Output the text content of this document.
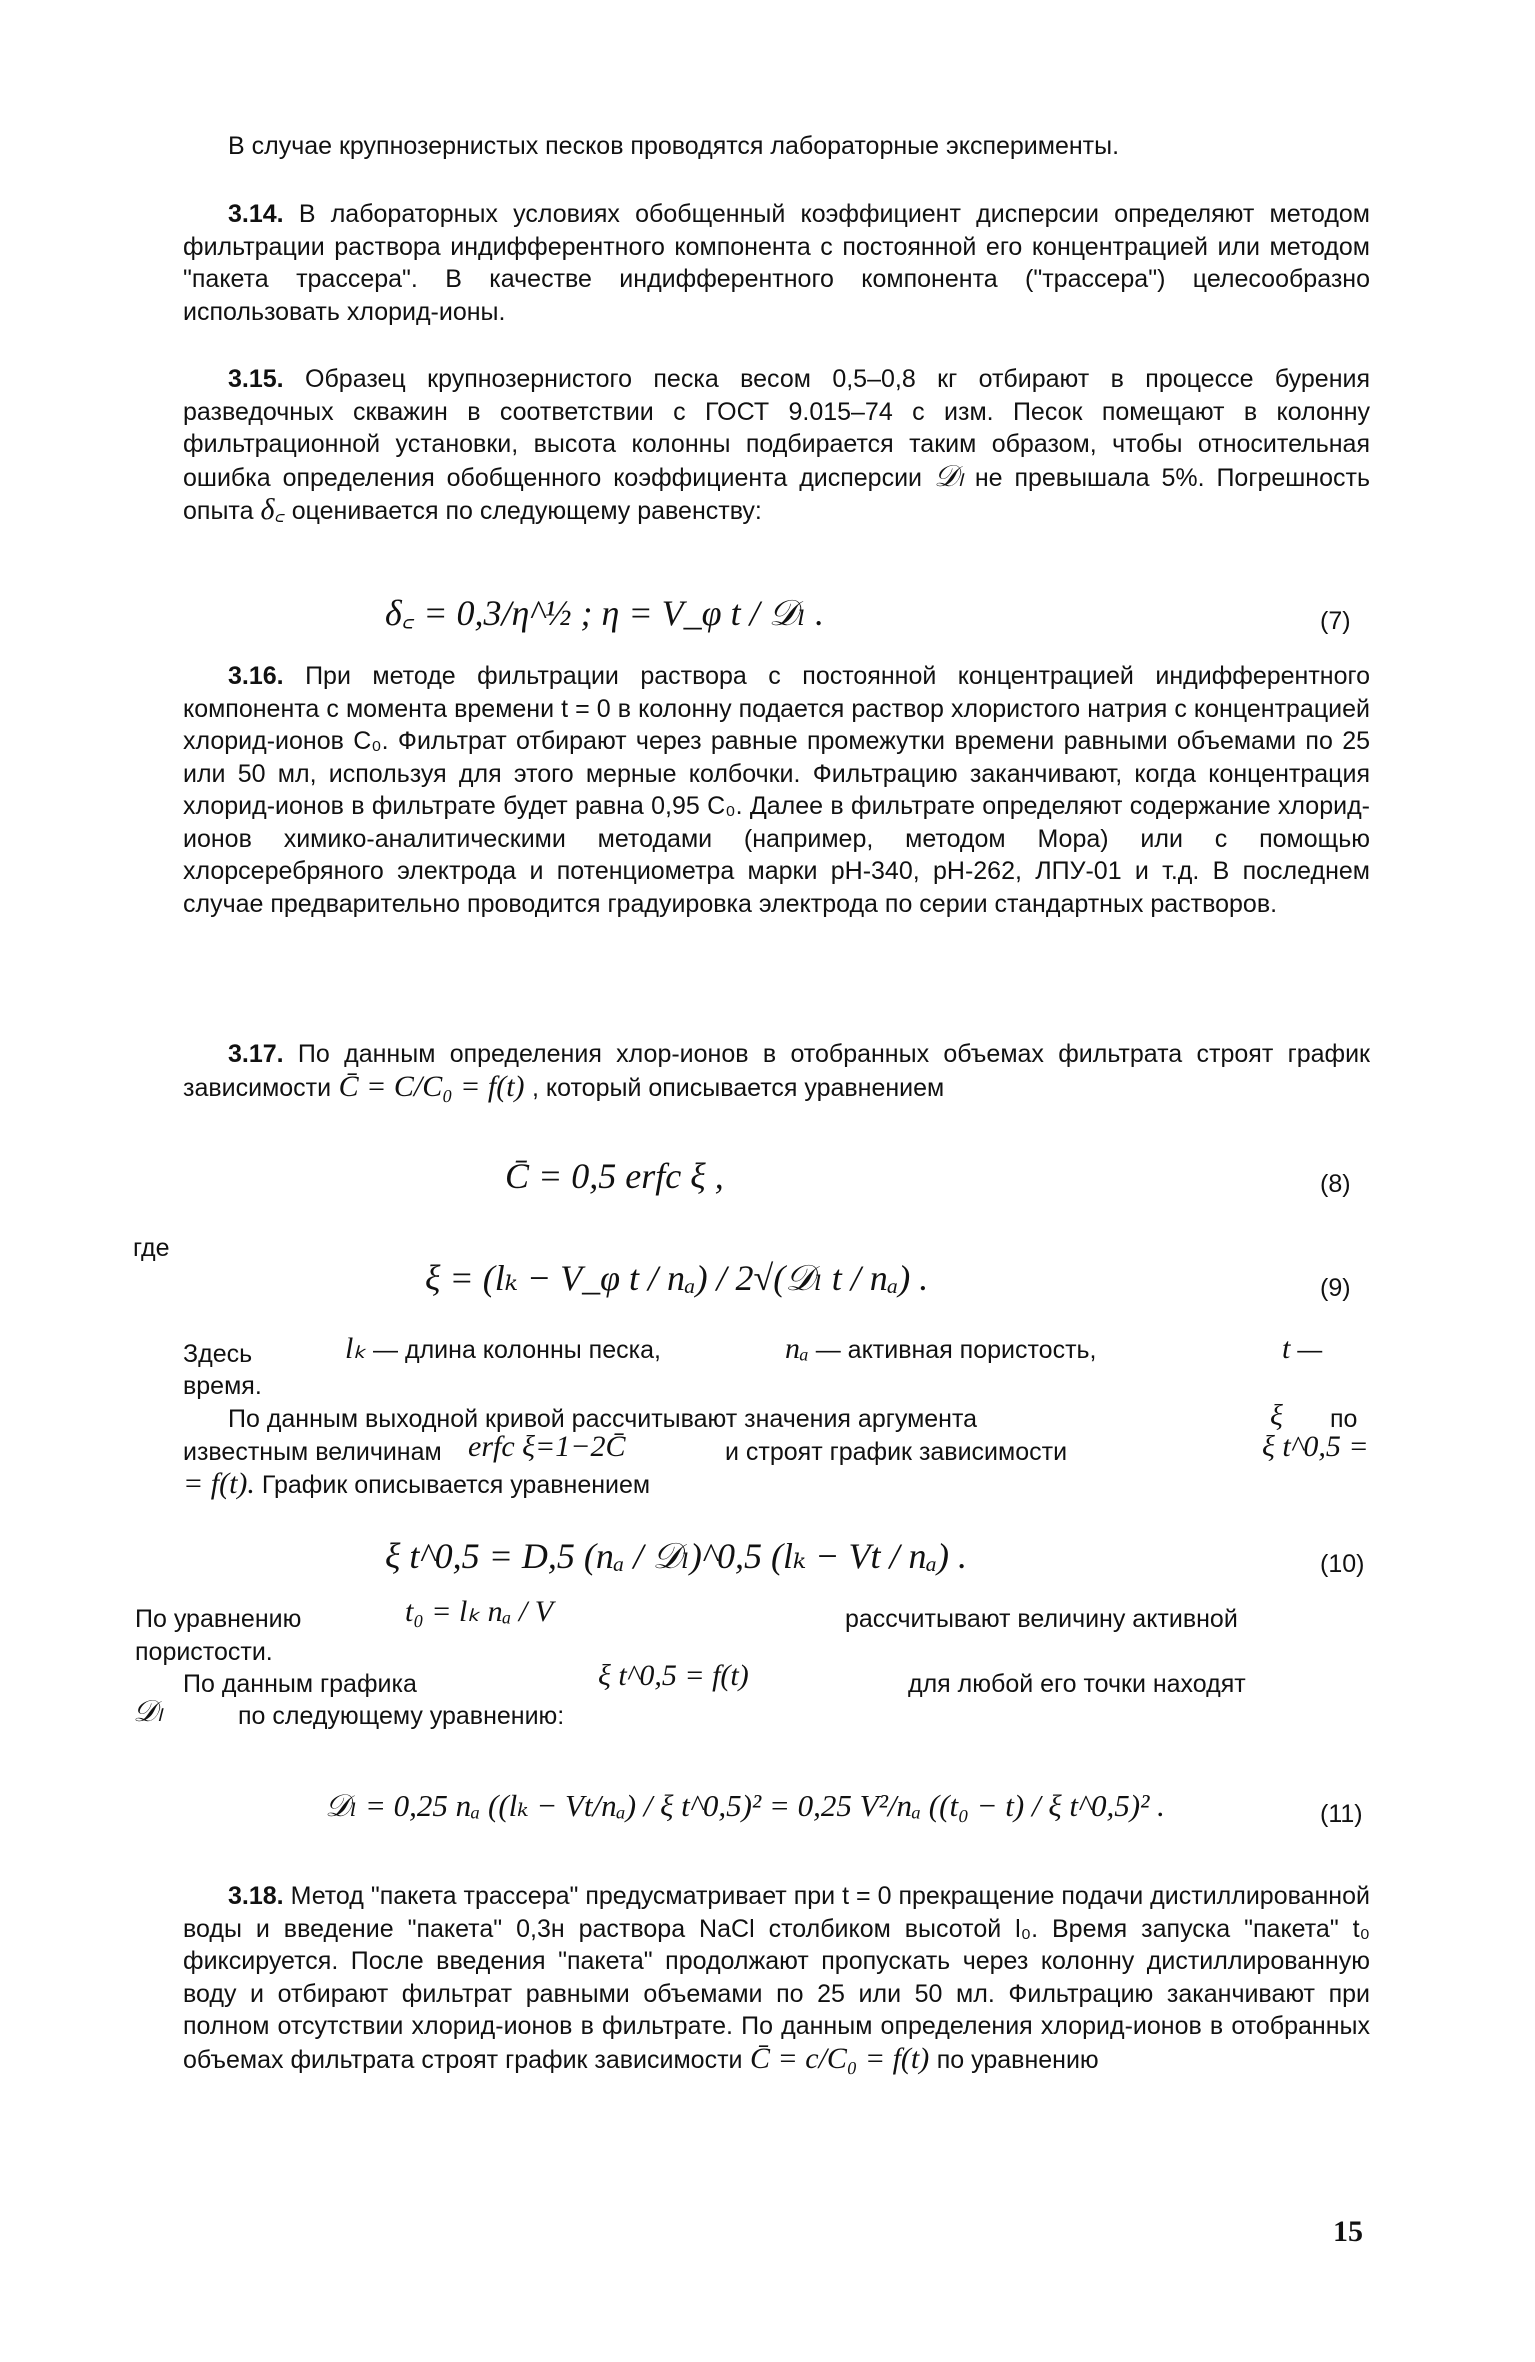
В случае крупнозернистых песков проводятся лабораторные эксперименты.

3.14. В лабораторных условиях обобщенный коэффициент дисперсии определяют методом фильтрации раствора индифферентного компонента с постоянной его концентрацией или методом "пакета трассера". В качестве индифферентного компонента ("трассера") целесообразно использовать хлорид-ионы.

3.15. Образец крупнозернистого песка весом 0,5–0,8 кг отбирают в процессе бурения разведочных скважин в соответствии с ГОСТ 9.015–74 с изм. Песок помещают в колонну фильтрационной установки, высота колонны подбирается таким образом, чтобы относительная ошибка определения обобщенного коэффициента дисперсии 𝒟ₗ не превышала 5%. Погрешность опыта δ꜀ оценивается по следующему равенству:

δ꜀ = 0,3/η^½ ; η = V_φ t / 𝒟ₗ .	(7)

3.16. При методе фильтрации раствора с постоянной концентрацией индифферентного компонента с момента времени t = 0 в колонну подается раствор хлористого натрия с концентрацией хлорид-ионов C₀. Фильтрат отбирают через равные промежутки времени равными объемами по 25 или 50 мл, используя для этого мерные колбочки. Фильтрацию заканчивают, когда концентрация хлорид-ионов в фильтрате будет равна 0,95 C₀. Далее в фильтрате определяют содержание хлорид-ионов химико-аналитическими методами (например, методом Мора) или с помощью хлорсеребряного электрода и потенциометра марки pH-340, pH-262, ЛПУ-01 и т.д. В последнем случае предварительно проводится градуировка электрода по серии стандартных растворов.

3.17. По данным определения хлор-ионов в отобранных объемах фильтрата строят график зависимости C̄ = C/C₀ = f(t) , который описывается уравнением

C̄ = 0,5 erfc ξ ,	(8)
где
ξ = (lₖ − V_φ t / nₐ) / 2√(𝒟ₗ t / nₐ) .	(9)
Здесь	lₖ — длина колонны песка,	nₐ — активная пористость,	t —
время.
По данным выходной кривой рассчитывают значения аргумента	ξ по
известным величинам erfc ξ=1−2C̄	и строят график зависимости	ξ t^0,5 =
= f(t). График описывается уравнением
ξ t^0,5 = D,5 (nₐ / 𝒟ₗ)^0,5 (lₖ − Vt / nₐ) .	(10)
По уравнению	t₀ = lₖ nₐ / V	рассчитывают величину активной
пористости.
По данным графика	ξ t^0,5 = f(t)	для любой его точки находят
𝒟ₗ	по следующему уравнению:
𝒟ₗ = 0,25 nₐ ((lₖ − Vt/nₐ) / ξ t^0,5)² = 0,25 V²/nₐ ((t₀ − t) / ξ t^0,5)² .	(11)

3.18. Метод "пакета трассера" предусматривает при t = 0 прекращение подачи дистиллированной воды и введение "пакета" 0,3н раствора NaCl столбиком высотой l₀. Время запуска "пакета" t₀ фиксируется. После введения "пакета" продолжают пропускать через колонну дистиллированную воду и отбирают фильтрат равными объемами по 25 или 50 мл. Фильтрацию заканчивают при полном отсутствии хлорид-ионов в фильтрате. По данным определения хлорид-ионов в отобранных объемах фильтрата строят график зависимости C̄ = c/C₀ = f(t) по уравнению

15
